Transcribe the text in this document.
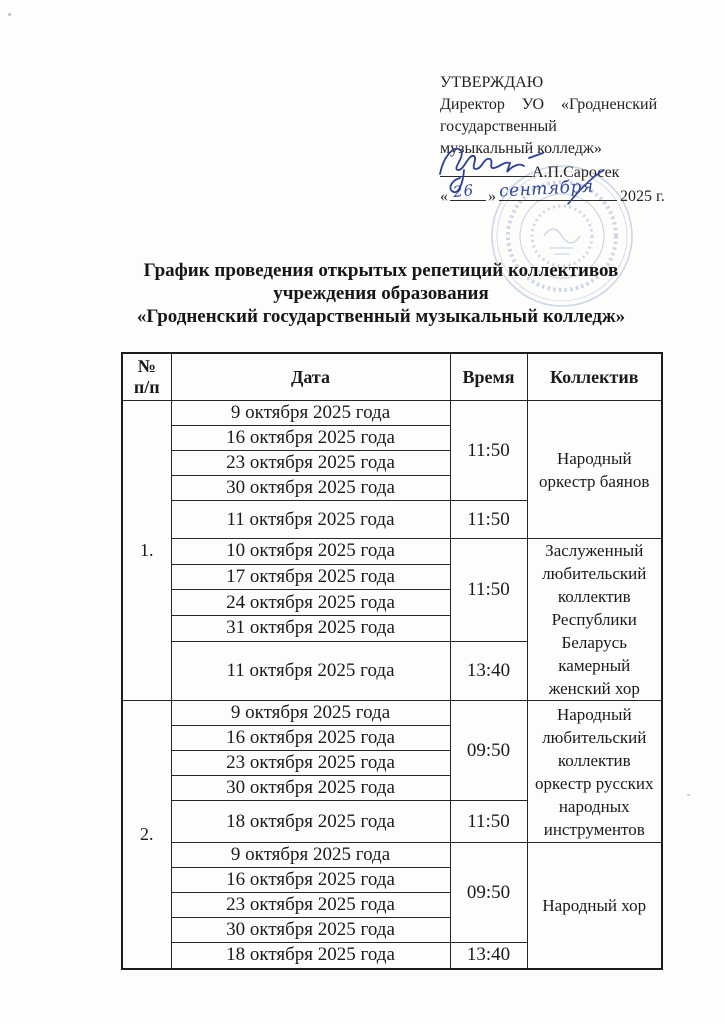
УТВЕРЖДАЮ

Директор УО «Гродненский
государственный
музыкальный колледж»

А.П.Саросек
«	»	2025 г.
26 сентября
График проведения открытых репетиций коллективов
учреждения образования
«Гродненский государственный музыкальный колледж»
№
п/п	Дата	Время	Коллектив
1.	9 октября 2025 года	11:50	Народный оркестр баянов
	16 октября 2025 года		
	23 октября 2025 года		
	30 октября 2025 года		
	11 октября 2025 года	11:50	
	10 октября 2025 года	11:50	Заслуженный любительский коллектив Республики Беларусь камерный женский хор
	17 октября 2025 года		
	24 октября 2025 года		
	31 октября 2025 года		
	11 октября 2025 года	13:40	
2.	9 октября 2025 года	09:50	Народный любительский коллектив оркестр русских народных инструментов
	16 октября 2025 года		
	23 октября 2025 года		
	30 октября 2025 года		
	18 октября 2025 года	11:50	
	9 октября 2025 года	09:50	Народный хор
	16 октября 2025 года		
	23 октября 2025 года		
	30 октября 2025 года		
	18 октября 2025 года	13:40	
